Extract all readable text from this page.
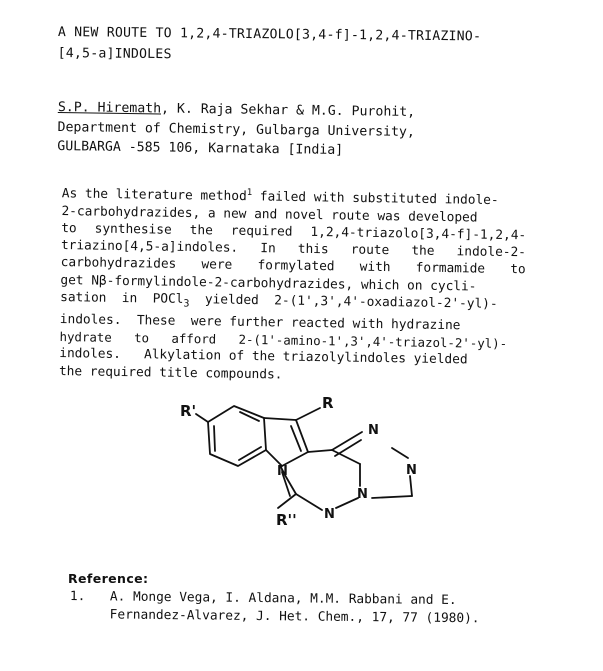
A NEW ROUTE TO 1,2,4-TRIAZOLO[3,4-f]-1,2,4-TRIAZINO-
[4,5-a]INDOLES
S.P. Hiremath, K. Raja Sekhar & M.G. Purohit,
Department of Chemistry, Gulbarga University,
GULBARGA -585 106, Karnataka [India]
As the literature method$^1$ failed with substituted indole-
2-carbohydrazides, a new and novel route was developed
to synthesise the required 1,2,4-triazolo[3,4-f]-1,2,4-
triazino[4,5-a]indoles. In this route the indole-2-
carbohydrazides were formylated with formamide to
get Nβ-formylindole-2-carbohydrazides, which on cycli-
sation  in  POCl$_3$  yielded  2-(1',3',4'-oxadiazol-2'-yl)-
indoles.  These  were further reacted with hydrazine
hydrate   to   afford   2-(1'-amino-1',3',4'-triazol-2'-yl)-
indoles.   Alkylation of the triazolylindoles yielded
the required title compounds.
R'	R
N
N
N
N
N
R''
Reference:
1. A. Monge Vega, I. Aldana, M.M. Rabbani and E.
Fernandez-Alvarez, J. Het. Chem., 17, 77 (1980).
